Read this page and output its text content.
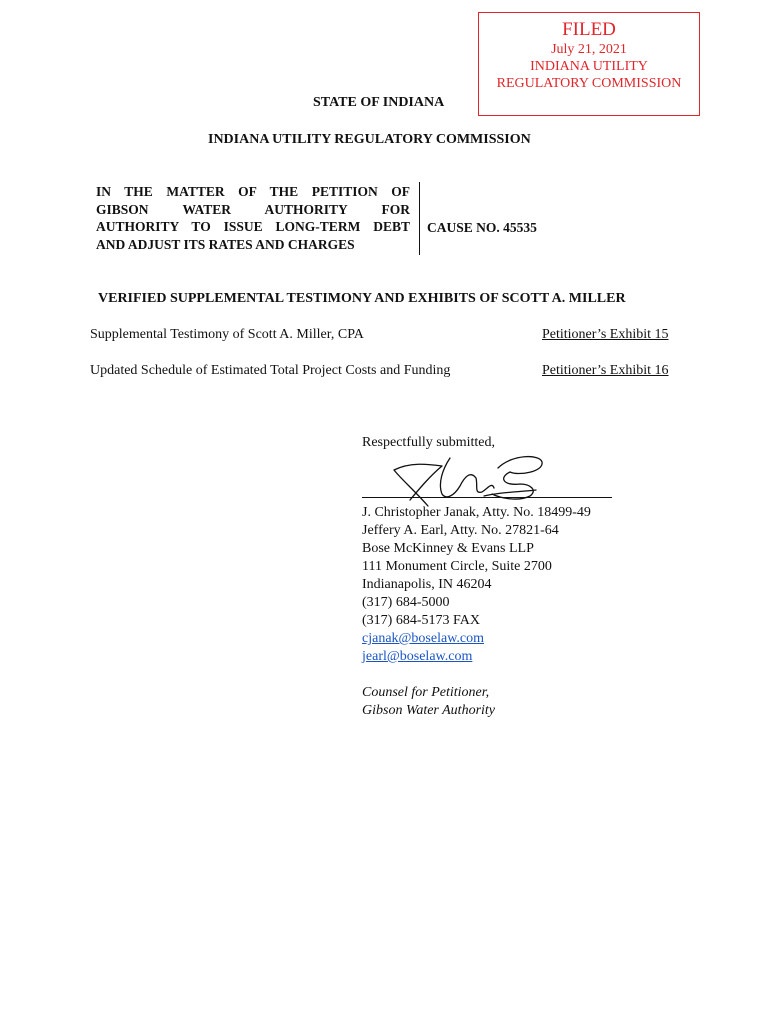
FILED
July 21, 2021
INDIANA UTILITY
REGULATORY COMMISSION
STATE OF INDIANA
INDIANA UTILITY REGULATORY COMMISSION
IN THE MATTER OF THE PETITION OF
GIBSON WATER AUTHORITY FOR
AUTHORITY TO ISSUE LONG-TERM DEBT
AND ADJUST ITS RATES AND CHARGES
CAUSE NO. 45535
VERIFIED SUPPLEMENTAL TESTIMONY AND EXHIBITS OF SCOTT A. MILLER
Supplemental Testimony of Scott A. Miller, CPA	Petitioner’s Exhibit 15
Updated Schedule of Estimated Total Project Costs and Funding	Petitioner’s Exhibit 16
Respectfully submitted,
J. Christopher Janak, Atty. No. 18499-49
Jeffery A. Earl, Atty. No. 27821-64
Bose McKinney & Evans LLP
111 Monument Circle, Suite 2700
Indianapolis, IN 46204
(317) 684-5000
(317) 684-5173 FAX
cjanak@boselaw.com
jearl@boselaw.com
Counsel for Petitioner,
Gibson Water Authority
